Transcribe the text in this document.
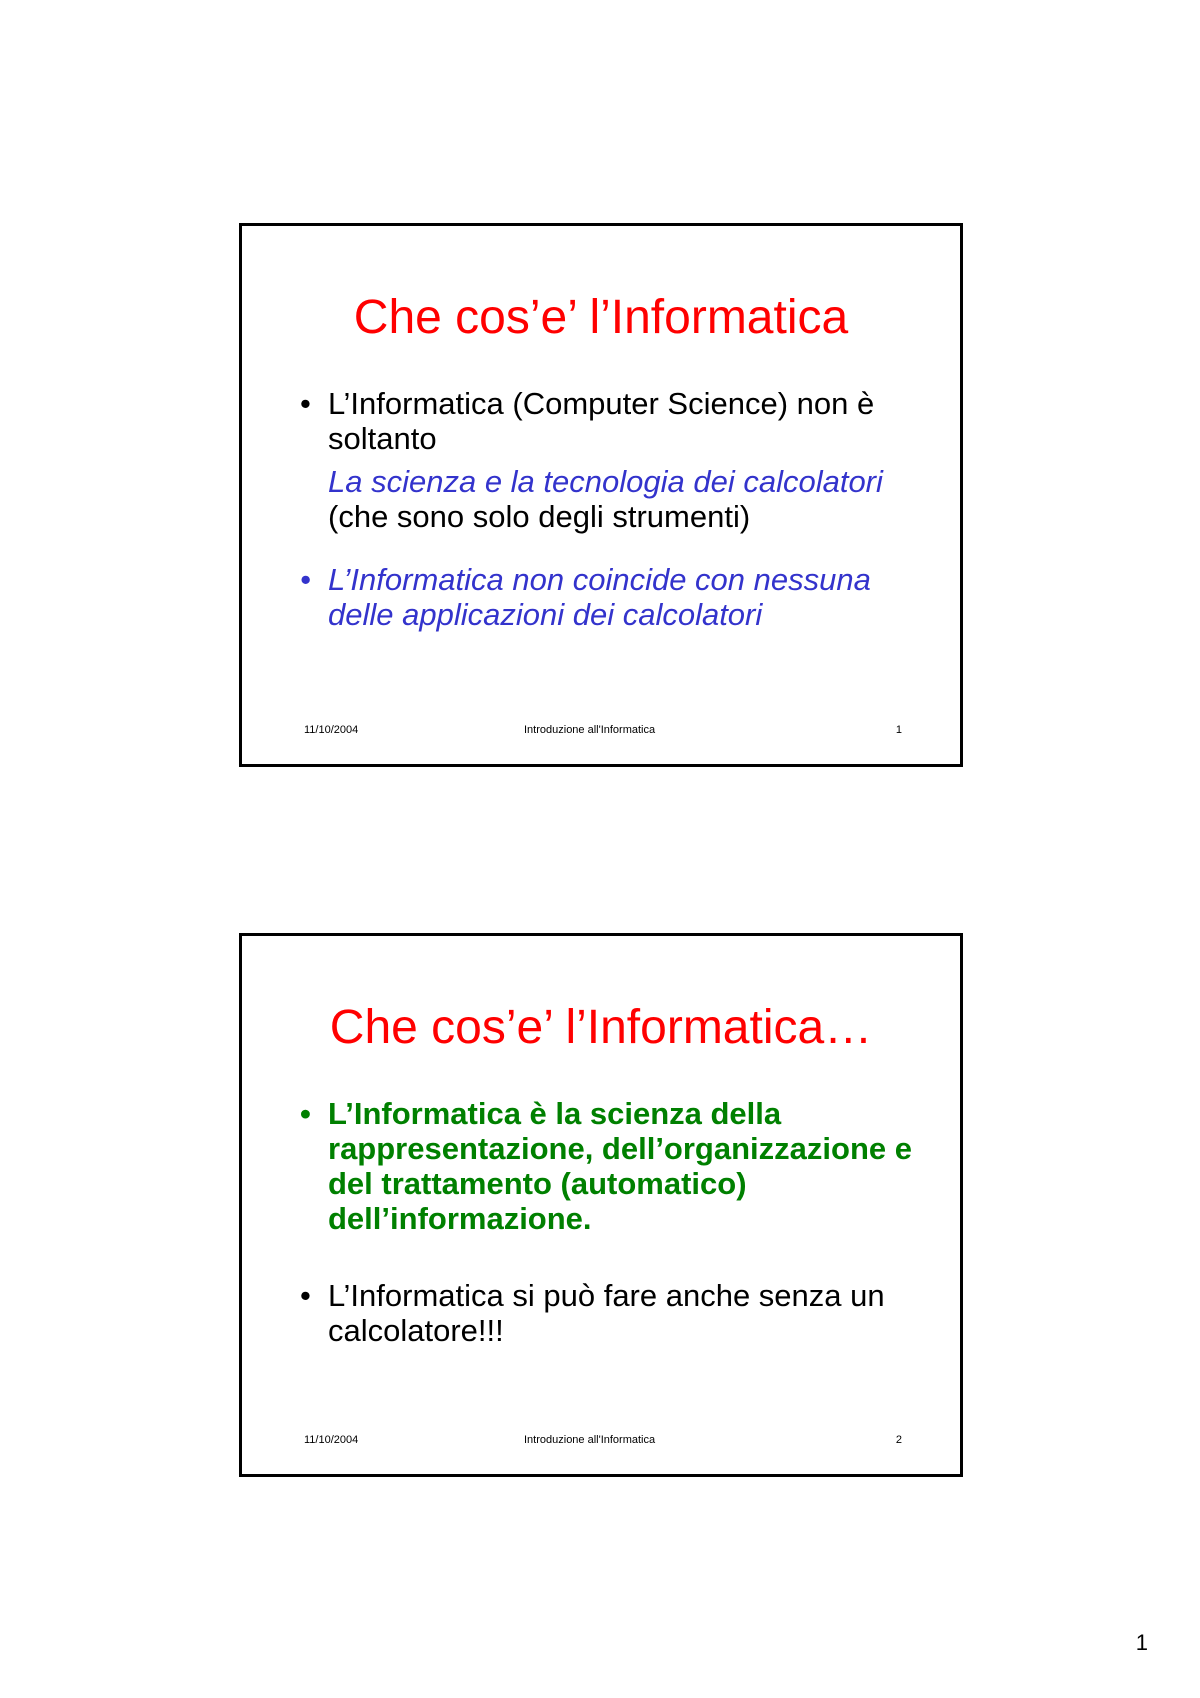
Che cos’e’ l’Informatica
• L’Informatica (Computer Science) non è soltanto
La scienza e la tecnologia dei calcolatori (che sono solo degli strumenti)
• L’Informatica non coincide con nessuna delle applicazioni dei calcolatori
11/10/2004	Introduzione all'Informatica	1
Che cos’e’ l’Informatica…
• L’Informatica è la scienza della rappresentazione, dell’organizzazione e del trattamento (automatico) dell’informazione.
• L’Informatica si può fare anche senza un calcolatore!!!
11/10/2004	Introduzione all'Informatica	2
1
